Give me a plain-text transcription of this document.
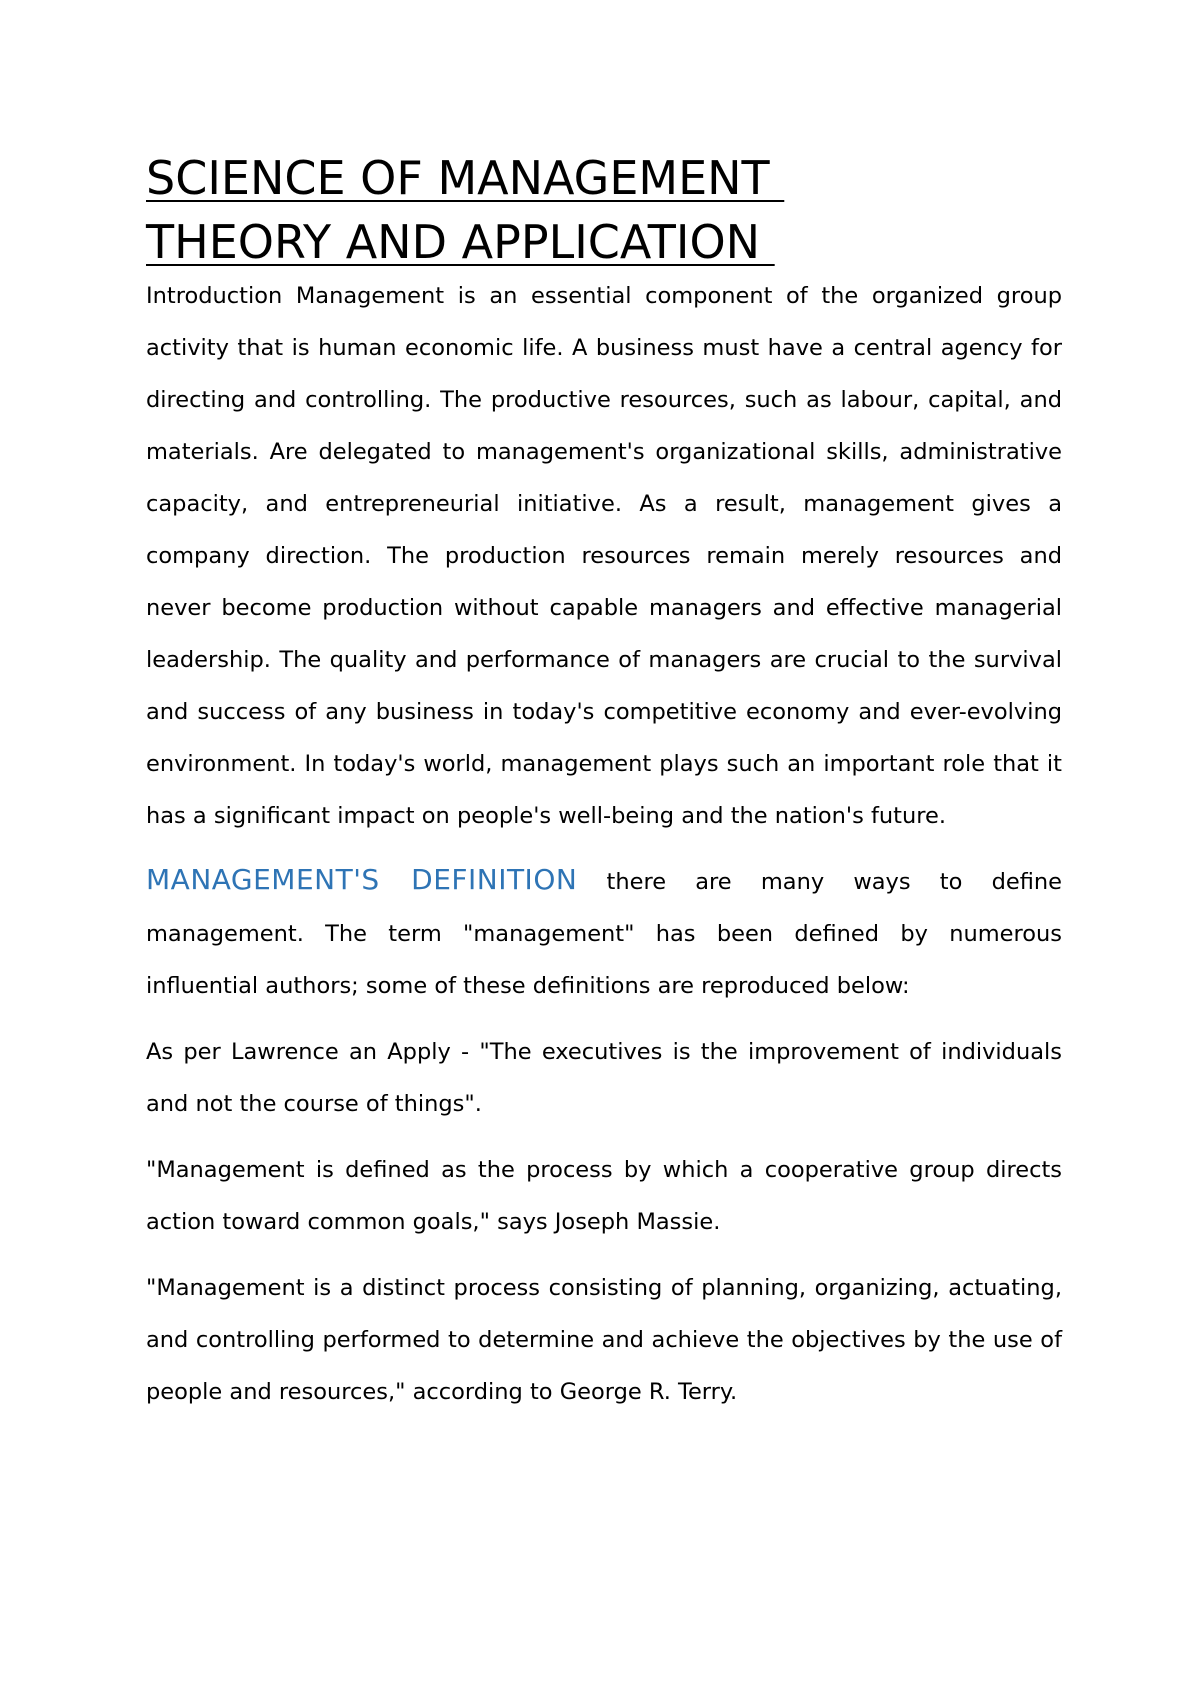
SCIENCE OF MANAGEMENT
THEORY AND APPLICATION

Introduction Management is an essential component of the organized group activity that is human economic life. A business must have a central agency for directing and controlling. The productive resources, such as labour, capital, and materials. Are delegated to management's organizational skills, administrative capacity, and entrepreneurial initiative. As a result, management gives a company direction. The production resources remain merely resources and never become production without capable managers and effective managerial leadership. The quality and performance of managers are crucial to the survival and success of any business in today's competitive economy and ever-evolving environment. In today's world, management plays such an important role that it has a significant impact on people's well-being and the nation's future.

MANAGEMENT'S DEFINITION there are many ways to define management. The term "management" has been defined by numerous influential authors; some of these definitions are reproduced below:

As per Lawrence an Apply - "The executives is the improvement of individuals and not the course of things".

"Management is defined as the process by which a cooperative group directs action toward common goals," says Joseph Massie.

"Management is a distinct process consisting of planning, organizing, actuating, and controlling performed to determine and achieve the objectives by the use of people and resources," according to George R. Terry.
